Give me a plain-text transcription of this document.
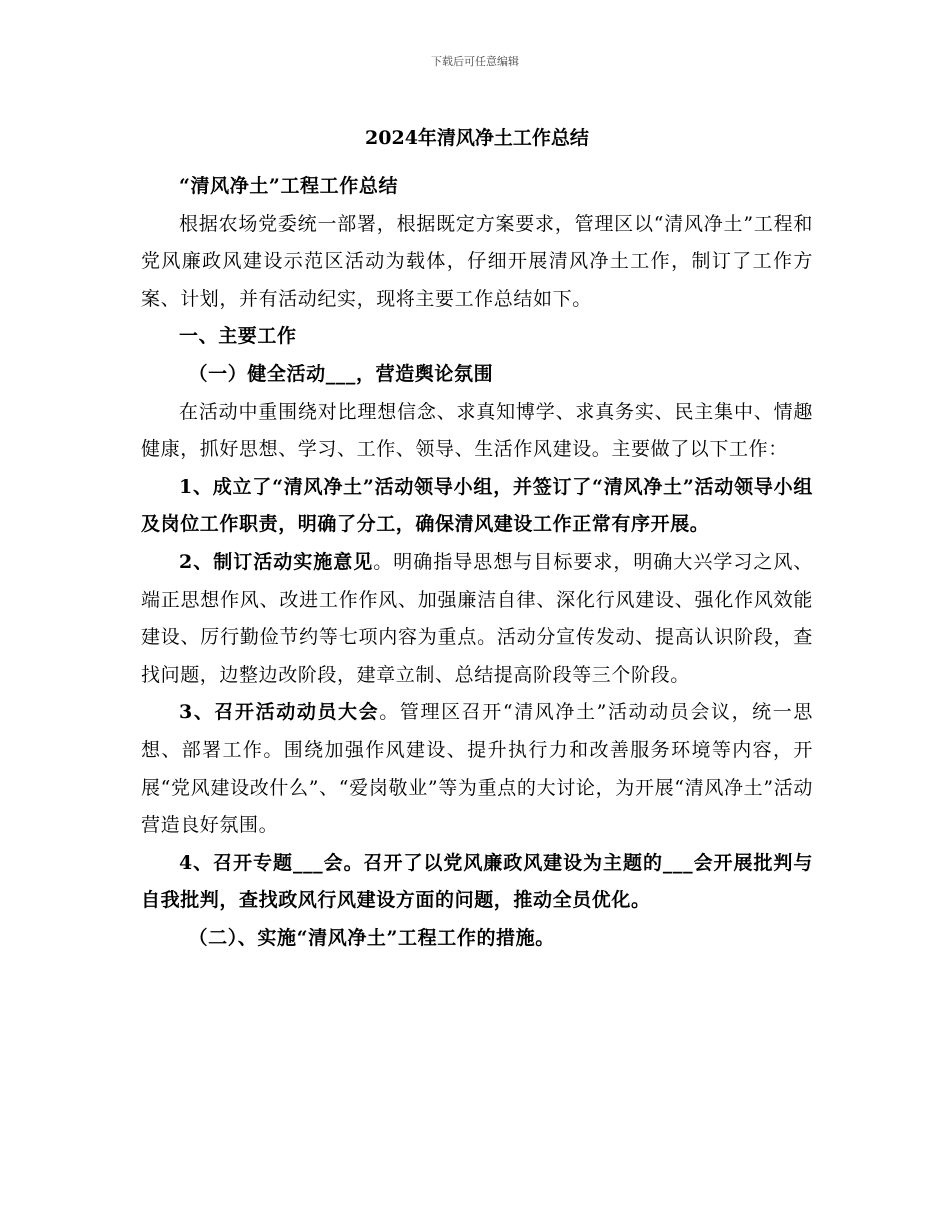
下载后可任意编辑
2024年清风净土工作总结

“清风净土”工程工作总结

根据农场党委统一部署，根据既定方案要求，管理区以“清风净土”工程和党风廉政风建设示范区活动为载体，仔细开展清风净土工作，制订了工作方案、计划，并有活动纪实，现将主要工作总结如下。

一、主要工作

（一）健全活动___，营造舆论氛围

在活动中重围绕对比理想信念、求真知博学、求真务实、民主集中、情趣健康，抓好思想、学习、工作、领导、生活作风建设。主要做了以下工作：

1、成立了“清风净土”活动领导小组，并签订了“清风净土”活动领导小组及岗位工作职责，明确了分工，确保清风建设工作正常有序开展。

2、制订活动实施意见。明确指导思想与目标要求，明确大兴学习之风、端正思想作风、改进工作作风、加强廉洁自律、深化行风建设、强化作风效能建设、厉行勤俭节约等七项内容为重点。活动分宣传发动、提高认识阶段，查找问题，边整边改阶段，建章立制、总结提高阶段等三个阶段。

3、召开活动动员大会。管理区召开“清风净土”活动动员会议，统一思想、部署工作。围绕加强作风建设、提升执行力和改善服务环境等内容，开展“党风建设改什么”、“爱岗敬业”等为重点的大讨论，为开展“清风净土”活动营造良好氛围。

4、召开专题___会。召开了以党风廉政风建设为主题的___会开展批判与自我批判，查找政风行风建设方面的问题，推动全员优化。

（二）、实施“清风净土”工程工作的措施。
